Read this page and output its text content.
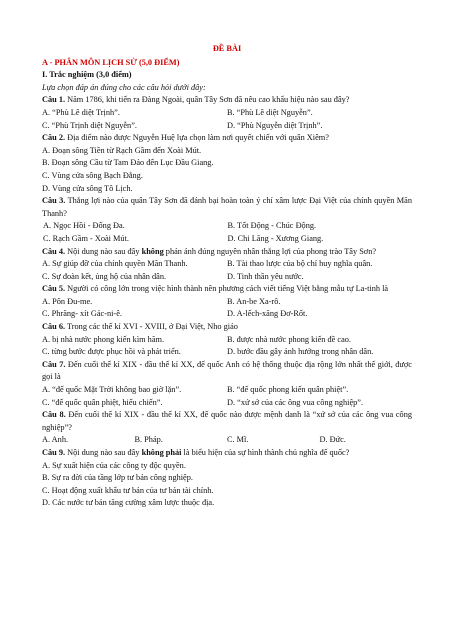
ĐỀ BÀI
A - PHÂN MÔN LỊCH SỬ (5,0 ĐIỂM)
I. Trắc nghiệm (3,0 điểm)
Lựa chọn đáp án đúng cho các câu hỏi dưới đây:
Câu 1. Năm 1786, khi tiến ra Đàng Ngoài, quân Tây Sơn đã nêu cao khẩu hiệu nào sau đây?
A. “Phù Lê diệt Trịnh”.	B. “Phù Lê diệt Nguyễn”.
C. “Phù Trịnh diệt Nguyễn”.	D. “Phù Nguyễn diệt Trịnh”.
Câu 2. Địa điểm nào được Nguyễn Huệ lựa chọn làm nơi quyết chiến với quân Xiêm?
A. Đoạn sông Tiền từ Rạch Gầm đến Xoài Mút.
B. Đoạn sông Cầu từ Tam Đảo đến Lục Đầu Giang.
C. Vùng cửa sông Bạch Đằng.
D. Vùng cửa sông Tô Lịch.
Câu 3. Thắng lợi nào của quân Tây Sơn đã đánh bại hoàn toàn ý chí xâm lược Đại Việt của chính quyền Mãn Thanh?
A. Ngọc Hồi - Đống Đa.	B. Tốt Động - Chúc Động.
C. Rạch Gầm - Xoài Mút.	D. Chi Lăng - Xương Giang.
Câu 4. Nội dung nào sau đây không phản ánh đúng nguyên nhân thắng lợi của phong trào Tây Sơn?
A. Sự giúp đỡ của chính quyền Mãn Thanh.	B. Tài thao lược của bộ chỉ huy nghĩa quân.
C. Sự đoàn kết, ủng hộ của nhân dân.	D. Tinh thần yêu nước.
Câu 5. Người có công lớn trong việc hình thành nên phương cách viết tiếng Việt bằng mẫu tự La-tinh là
A. Pôn Đu-me.	B. An-be Xa-rô.
C. Phrăng- xít Gác-ni-ê.	D. A-lếch-xăng Đơ-Rốt.
Câu 6. Trong các thế kỉ XVI - XVIII, ở Đại Việt, Nho giáo
A. bị nhà nước phong kiến kìm hãm.	B. được nhà nước phong kiến đề cao.
C. từng bước được phục hồi và phát triển.	D. bước đầu gây ảnh hưởng trong nhân dân.
Câu 7. Đến cuối thế kỉ XIX - đầu thế kỉ XX, đế quốc Anh có hệ thống thuộc địa rộng lớn nhất thế giới, được gọi là
A. “đế quốc Mặt Trời không bao giờ lặn”.	B. “đế quốc phong kiến quân phiệt”.
C. “đế quốc quân phiệt, hiếu chiến”.	D. “xứ sở của các ông vua công nghiệp”.
Câu 8. Đến cuối thế kỉ XIX - đầu thế kỉ XX, đế quốc nào được mệnh danh là “xứ sở của các ông vua công nghiệp”?
A. Anh.	B. Pháp.	C. Mĩ.	D. Đức.
Câu 9. Nội dung nào sau đây không phải là biểu hiện của sự hình thành chủ nghĩa đế quốc?
A. Sự xuất hiện của các công ty độc quyền.
B. Sự ra đời của tầng lớp tư bản công nghiệp.
C. Hoạt động xuất khẩu tư bản của tư bản tài chính.
D. Các nước tư bản tăng cường xâm lược thuộc địa.
